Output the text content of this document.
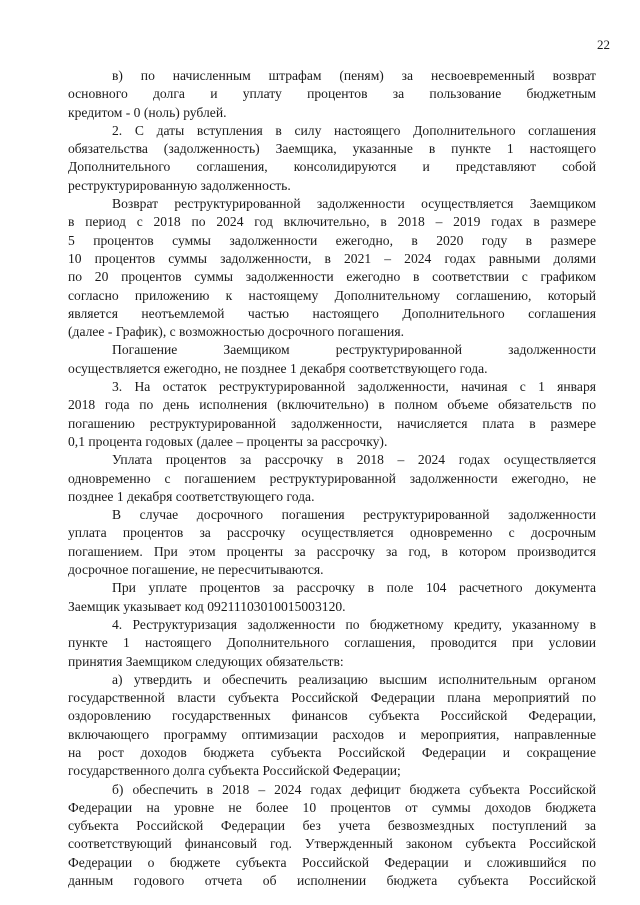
22
в) по начисленным штрафам (пеням) за несвоевременный возврат
основного долга и уплату процентов за пользование бюджетным
кредитом - 0 (ноль) рублей.
2. С даты вступления в силу настоящего Дополнительного соглашения
обязательства (задолженность) Заемщика, указанные в пункте 1 настоящего
Дополнительного соглашения, консолидируются и представляют собой
реструктурированную задолженность.
Возврат реструктурированной задолженности осуществляется Заемщиком
в период с 2018 по 2024 год включительно, в 2018 – 2019 годах в размере
5 процентов суммы задолженности ежегодно, в 2020 году в размере
10 процентов суммы задолженности, в 2021 – 2024 годах равными долями
по 20 процентов суммы задолженности ежегодно в соответствии с графиком
согласно приложению к настоящему Дополнительному соглашению, который
является неотъемлемой частью настоящего Дополнительного соглашения
(далее - График), с возможностью досрочного погашения.
Погашение Заемщиком реструктурированной задолженности
осуществляется ежегодно, не позднее 1 декабря соответствующего года.
3. На остаток реструктурированной задолженности, начиная с 1 января
2018 года по день исполнения (включительно) в полном объеме обязательств по
погашению реструктурированной задолженности, начисляется плата в размере
0,1 процента годовых (далее – проценты за рассрочку).
Уплата процентов за рассрочку в 2018 – 2024 годах осуществляется
одновременно с погашением реструктурированной задолженности ежегодно, не
позднее 1 декабря соответствующего года.
В случае досрочного погашения реструктурированной задолженности
уплата процентов за рассрочку осуществляется одновременно с досрочным
погашением. При этом проценты за рассрочку за год, в котором производится
досрочное погашение, не пересчитываются.
При уплате процентов за рассрочку в поле 104 расчетного документа
Заемщик указывает код 09211103010015003120.
4. Реструктуризация задолженности по бюджетному кредиту, указанному в
пункте 1 настоящего Дополнительного соглашения, проводится при условии
принятия Заемщиком следующих обязательств:
а) утвердить и обеспечить реализацию высшим исполнительным органом
государственной власти субъекта Российской Федерации плана мероприятий по
оздоровлению государственных финансов субъекта Российской Федерации,
включающего программу оптимизации расходов и мероприятия, направленные
на рост доходов бюджета субъекта Российской Федерации и сокращение
государственного долга субъекта Российской Федерации;
б) обеспечить в 2018 – 2024 годах дефицит бюджета субъекта Российской
Федерации на уровне не более 10 процентов от суммы доходов бюджета
субъекта Российской Федерации без учета безвозмездных поступлений за
соответствующий финансовый год. Утвержденный законом субъекта Российской
Федерации о бюджете субъекта Российской Федерации и сложившийся по
данным годового отчета об исполнении бюджета субъекта Российской
